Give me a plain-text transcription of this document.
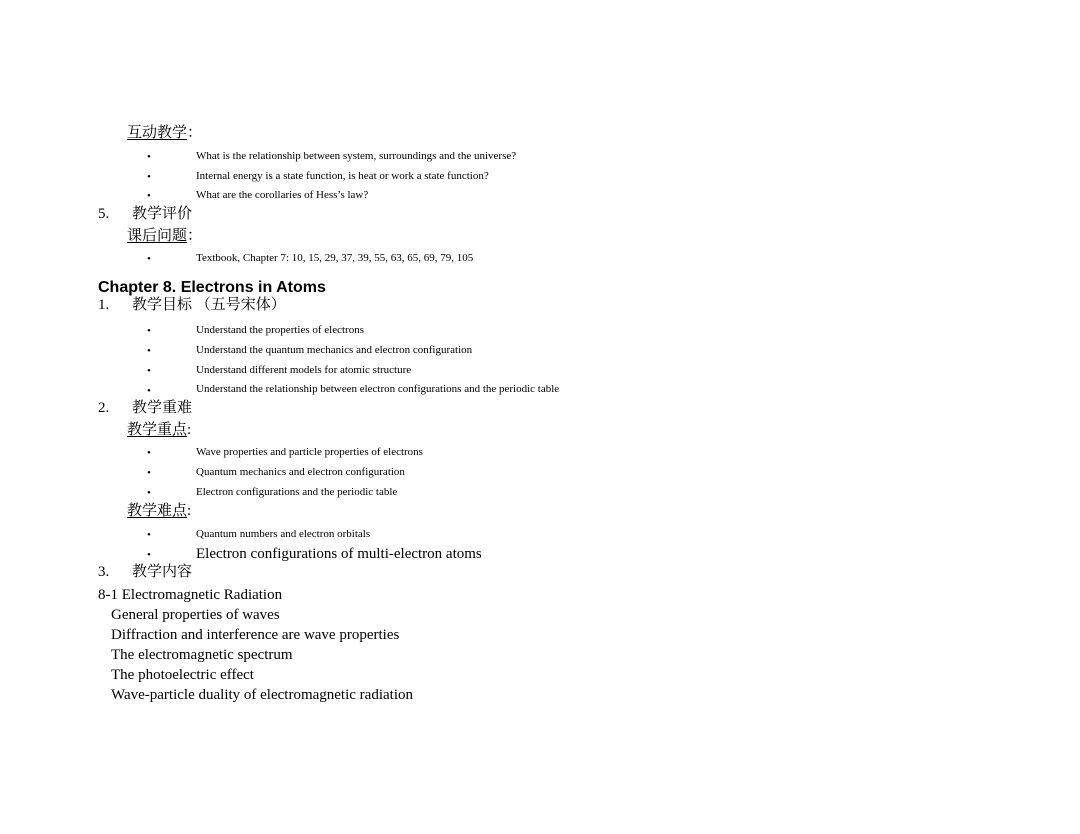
互动教学：
•	What is the relationship between system, surroundings and the universe?
•	Internal energy is a state function, is heat or work a state function?
•	What are the corollaries of Hess’s law?
5. 教学评价
课后问题：
•	Textbook, Chapter 7: 10, 15, 29, 37, 39, 55, 63, 65, 69, 79, 105
Chapter 8. Electrons in Atoms
1. 教学目标 （五号宋体）
•	Understand the properties of electrons
•	Understand the quantum mechanics and electron configuration
•	Understand different models for atomic structure
•	Understand the relationship between electron configurations and the periodic table
2. 教学重难
教学重点:
•	Wave properties and particle properties of electrons
•	Quantum mechanics and electron configuration
•	Electron configurations and the periodic table
教学难点:
•	Quantum numbers and electron orbitals
•	Electron configurations of multi-electron atoms
3. 教学内容
8-1 Electromagnetic Radiation
General properties of waves
Diffraction and interference are wave properties
The electromagnetic spectrum
The photoelectric effect
Wave-particle duality of electromagnetic radiation
